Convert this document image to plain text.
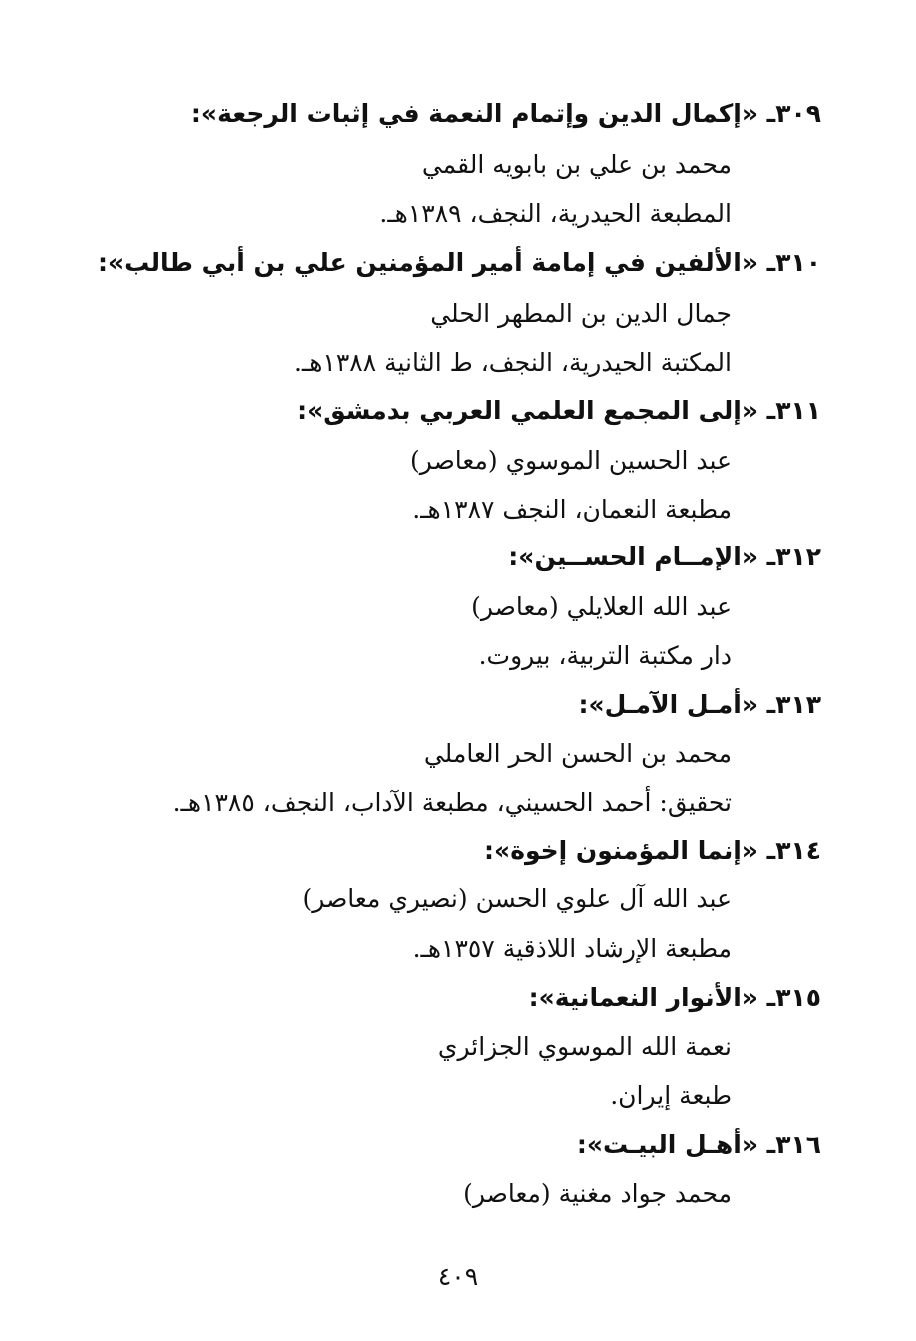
٣٠٩ـ «إكمال الدين وإتمام النعمة في إثبات الرجعة»:
محمد بن علي بن بابويه القمي
المطبعة الحيدرية، النجف، ١٣٨٩هـ.
٣١٠ـ «الألفين في إمامة أمير المؤمنين علي بن أبي طالب»:
جمال الدين بن المطهر الحلي
المكتبة الحيدرية، النجف، ط الثانية ١٣٨٨هـ.
٣١١ـ «إلى المجمع العلمي العربي بدمشق»:
عبد الحسين الموسوي (معاصر)
مطبعة النعمان، النجف ١٣٨٧هـ.
٣١٢ـ «الإمــام الحســين»:
عبد الله العلايلي (معاصر)
دار مكتبة التربية، بيروت.
٣١٣ـ «أمـل الآمـل»:
محمد بن الحسن الحر العاملي
تحقيق: أحمد الحسيني، مطبعة الآداب، النجف، ١٣٨٥هـ.
٣١٤ـ «إنما المؤمنون إخوة»:
عبد الله آل علوي الحسن (نصيري معاصر)
مطبعة الإرشاد اللاذقية ١٣٥٧هـ.
٣١٥ـ «الأنوار النعمانية»:
نعمة الله الموسوي الجزائري
طبعة إيران.
٣١٦ـ «أهـل البيـت»:
محمد جواد مغنية (معاصر)
٤٠٩
